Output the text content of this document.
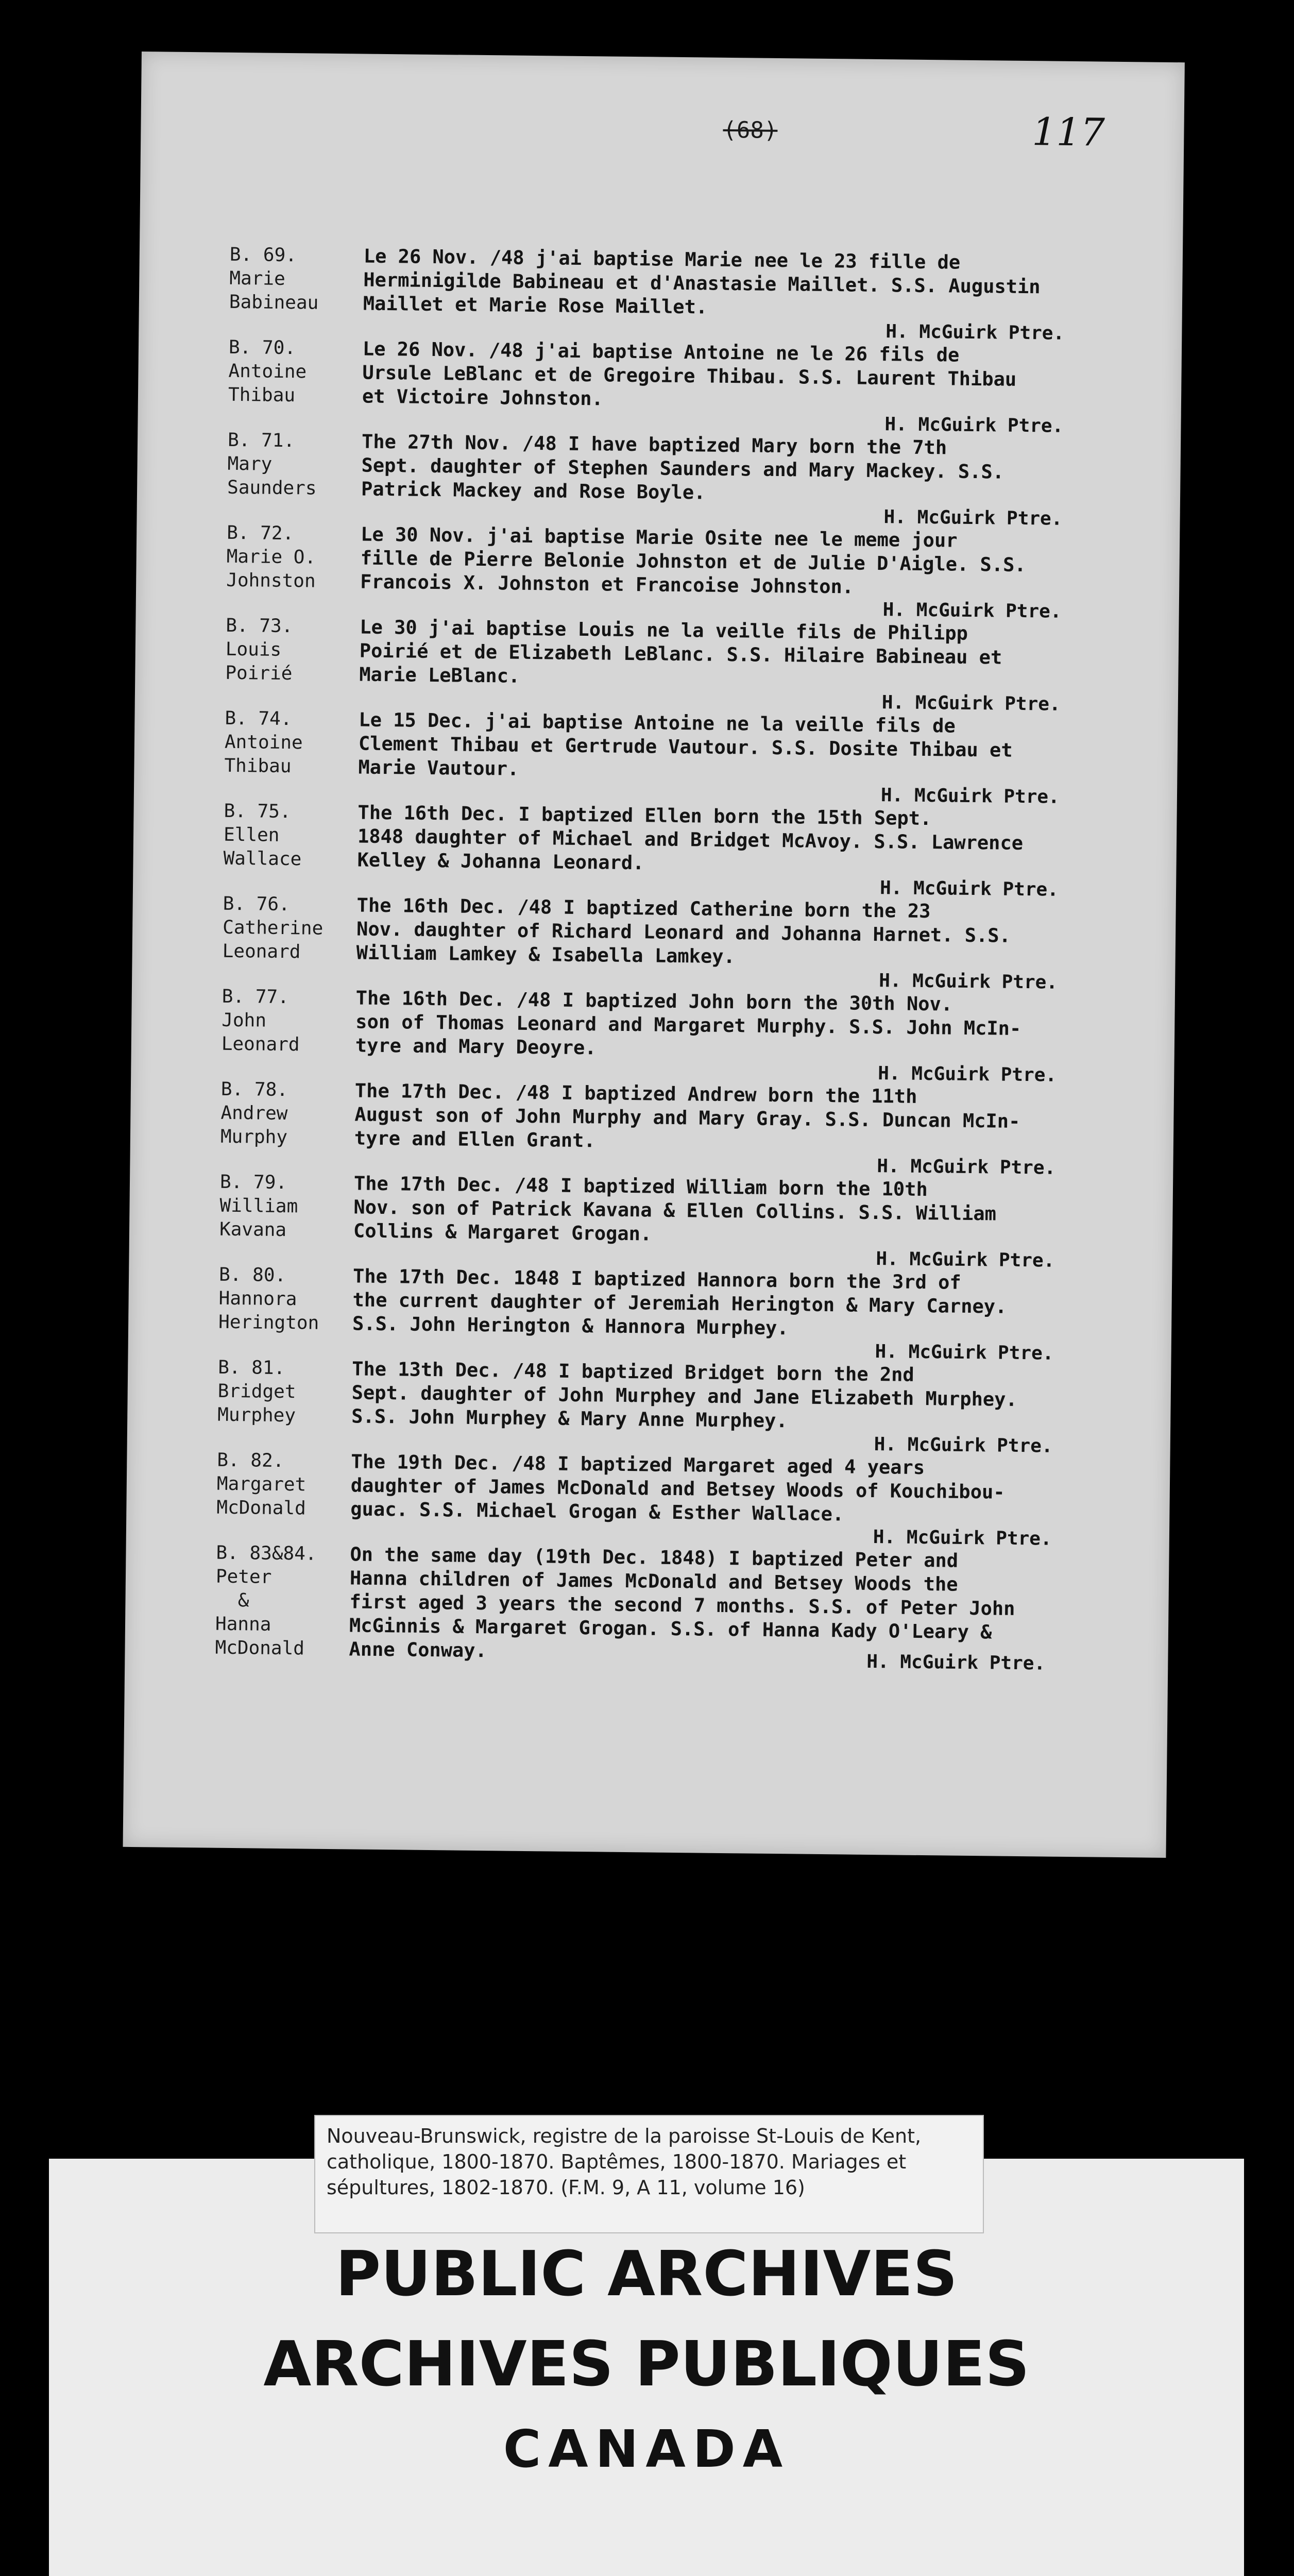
(68)	117
B. 69.
Marie
Babineau
Le 26 Nov. /48 j'ai baptise Marie nee le 23 fille de
Herminigilde Babineau et d'Anastasie Maillet. S.S. Augustin
Maillet et Marie Rose Maillet.
H. McGuirk Ptre.
B. 70.
Antoine
Thibau
Le 26 Nov. /48 j'ai baptise Antoine ne le 26 fils de
Ursule LeBlanc et de Gregoire Thibau. S.S. Laurent Thibau
et Victoire Johnston.
H. McGuirk Ptre.
B. 71.
Mary
Saunders
The 27th Nov. /48 I have baptized Mary born the 7th
Sept. daughter of Stephen Saunders and Mary Mackey. S.S.
Patrick Mackey and Rose Boyle.
H. McGuirk Ptre.
B. 72.
Marie O.
Johnston
Le 30 Nov. j'ai baptise Marie Osite nee le meme jour
fille de Pierre Belonie Johnston et de Julie D'Aigle. S.S.
Francois X. Johnston et Francoise Johnston.
H. McGuirk Ptre.
B. 73.
Louis
Poirié
Le 30 j'ai baptise Louis ne la veille fils de Philipp
Poirié et de Elizabeth LeBlanc. S.S. Hilaire Babineau et
Marie LeBlanc.
H. McGuirk Ptre.
B. 74.
Antoine
Thibau
Le 15 Dec. j'ai baptise Antoine ne la veille fils de
Clement Thibau et Gertrude Vautour. S.S. Dosite Thibau et
Marie Vautour.
H. McGuirk Ptre.
B. 75.
Ellen
Wallace
The 16th Dec. I baptized Ellen born the 15th Sept.
1848 daughter of Michael and Bridget McAvoy. S.S. Lawrence
Kelley & Johanna Leonard.
H. McGuirk Ptre.
B. 76.
Catherine
Leonard
The 16th Dec. /48 I baptized Catherine born the 23
Nov. daughter of Richard Leonard and Johanna Harnet. S.S.
William Lamkey & Isabella Lamkey.
H. McGuirk Ptre.
B. 77.
John
Leonard
The 16th Dec. /48 I baptized John born the 30th Nov.
son of Thomas Leonard and Margaret Murphy. S.S. John McIn-
tyre and Mary Deoyre.
H. McGuirk Ptre.
B. 78.
Andrew
Murphy
The 17th Dec. /48 I baptized Andrew born the 11th
August son of John Murphy and Mary Gray. S.S. Duncan McIn-
tyre and Ellen Grant.
H. McGuirk Ptre.
B. 79.
William
Kavana
The 17th Dec. /48 I baptized William born the 10th
Nov. son of Patrick Kavana & Ellen Collins. S.S. William
Collins & Margaret Grogan.
H. McGuirk Ptre.
B. 80.
Hannora
Herington
The 17th Dec. 1848 I baptized Hannora born the 3rd of
the current daughter of Jeremiah Herington & Mary Carney.
S.S. John Herington & Hannora Murphey.
H. McGuirk Ptre.
B. 81.
Bridget
Murphey
The 13th Dec. /48 I baptized Bridget born the 2nd
Sept. daughter of John Murphey and Jane Elizabeth Murphey.
S.S. John Murphey & Mary Anne Murphey.
H. McGuirk Ptre.
B. 82.
Margaret
McDonald
The 19th Dec. /48 I baptized Margaret aged 4 years
daughter of James McDonald and Betsey Woods of Kouchibou-
guac. S.S. Michael Grogan & Esther Wallace.
H. McGuirk Ptre.
B. 83&84.
Peter
&
Hanna
McDonald
On the same day (19th Dec. 1848) I baptized Peter and
Hanna children of James McDonald and Betsey Woods the
first aged 3 years the second 7 months. S.S. of Peter John
McGinnis & Margaret Grogan. S.S. of Hanna Kady O'Leary &
Anne Conway.
H. McGuirk Ptre.
PUBLIC ARCHIVES
ARCHIVES PUBLIQUES
CANADA
Nouveau-Brunswick, registre de la paroisse St-Louis de Kent, catholique, 1800-1870. Baptêmes, 1800-1870. Mariages et sépultures, 1802-1870. (F.M. 9, A 11, volume 16)
